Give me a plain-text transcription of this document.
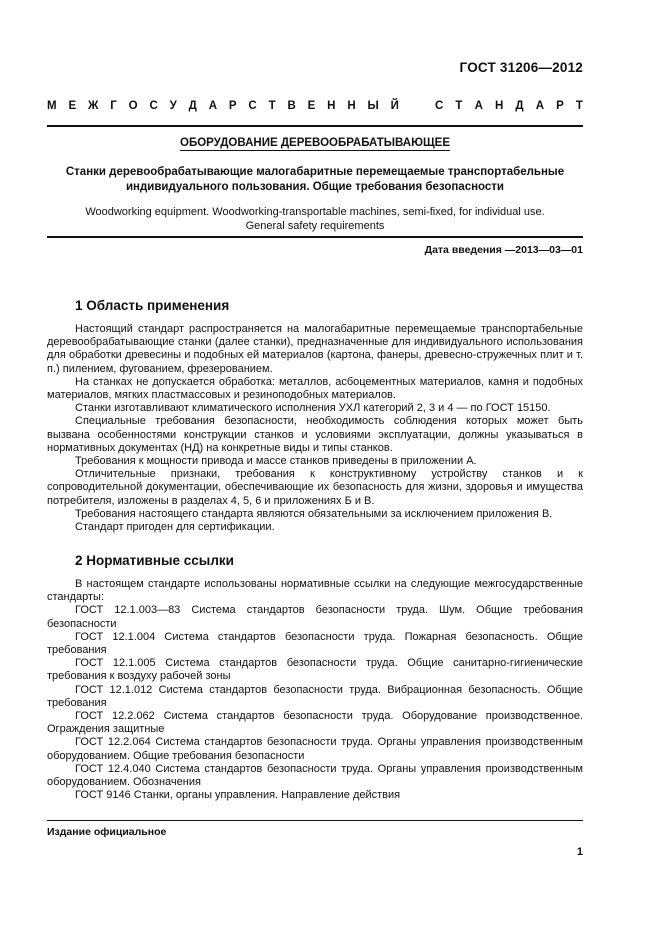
ГОСТ 31206—2012
М Е Ж Г О С У Д А Р С Т В Е Н Н Ы Й	С Т А Н Д А Р Т
ОБОРУДОВАНИЕ ДЕРЕВООБРАБАТЫВАЮЩЕЕ
Станки деревообрабатывающие малогабаритные перемещаемые транспортабельные
индивидуального пользования. Общие требования безопасности
Woodworking equipment. Woodworking-transportable machines, semi-fixed, for individual use.
General safety requirements
Дата введения —2013—03—01
1 Область применения

Настоящий стандарт распространяется на малогабаритные перемещаемые транспортабельные деревообрабатывающие станки (далее станки), предназначенные для индивидуального использования для обработки древесины и подобных ей материалов (картона, фанеры, древесно-стружечных плит и т. п.) пилением, фугованием, фрезерованием.

На станках не допускается обработка: металлов, асбоцементных материалов, камня и подобных материалов, мягких пластмассовых и резиноподобных материалов.

Станки изготавливают климатического исполнения УХЛ категорий 2, 3 и 4 — по ГОСТ 15150.

Специальные требования безопасности, необходимость соблюдения которых может быть вызвана особенностями конструкции станков и условиями эксплуатации, должны указываться в нормативных документах (НД) на конкретные виды и типы станков.

Требования к мощности привода и массе станков приведены в приложении А.

Отличительные признаки, требования к конструктивному устройству станков и к сопроводительной документации, обеспечивающие их безопасность для жизни, здоровья и имущества потребителя, изложены в разделах 4, 5, 6 и приложениях Б и В.

Требования настоящего стандарта являются обязательными за исключением приложения В.

Стандарт пригоден для сертификации.

2 Нормативные ссылки

В настоящем стандарте использованы нормативные ссылки на следующие межгосударственные стандарты:

ГОСТ 12.1.003—83 Система стандартов безопасности труда. Шум. Общие требования безопасности

ГОСТ 12.1.004 Система стандартов безопасности труда. Пожарная безопасность. Общие требования

ГОСТ 12.1.005 Система стандартов безопасности труда. Общие санитарно-гигиенические требования к воздуху рабочей зоны

ГОСТ 12.1.012 Система стандартов безопасности труда. Вибрационная безопасность. Общие требования

ГОСТ 12.2.062 Система стандартов безопасности труда. Оборудование производственное. Ограждения защитные

ГОСТ 12.2.064 Система стандартов безопасности труда. Органы управления производственным оборудованием. Общие требования безопасности

ГОСТ 12.4.040 Система стандартов безопасности труда. Органы управления производственным оборудованием. Обозначения

ГОСТ 9146 Станки, органы управления. Направление действия

Издание официальное
1
